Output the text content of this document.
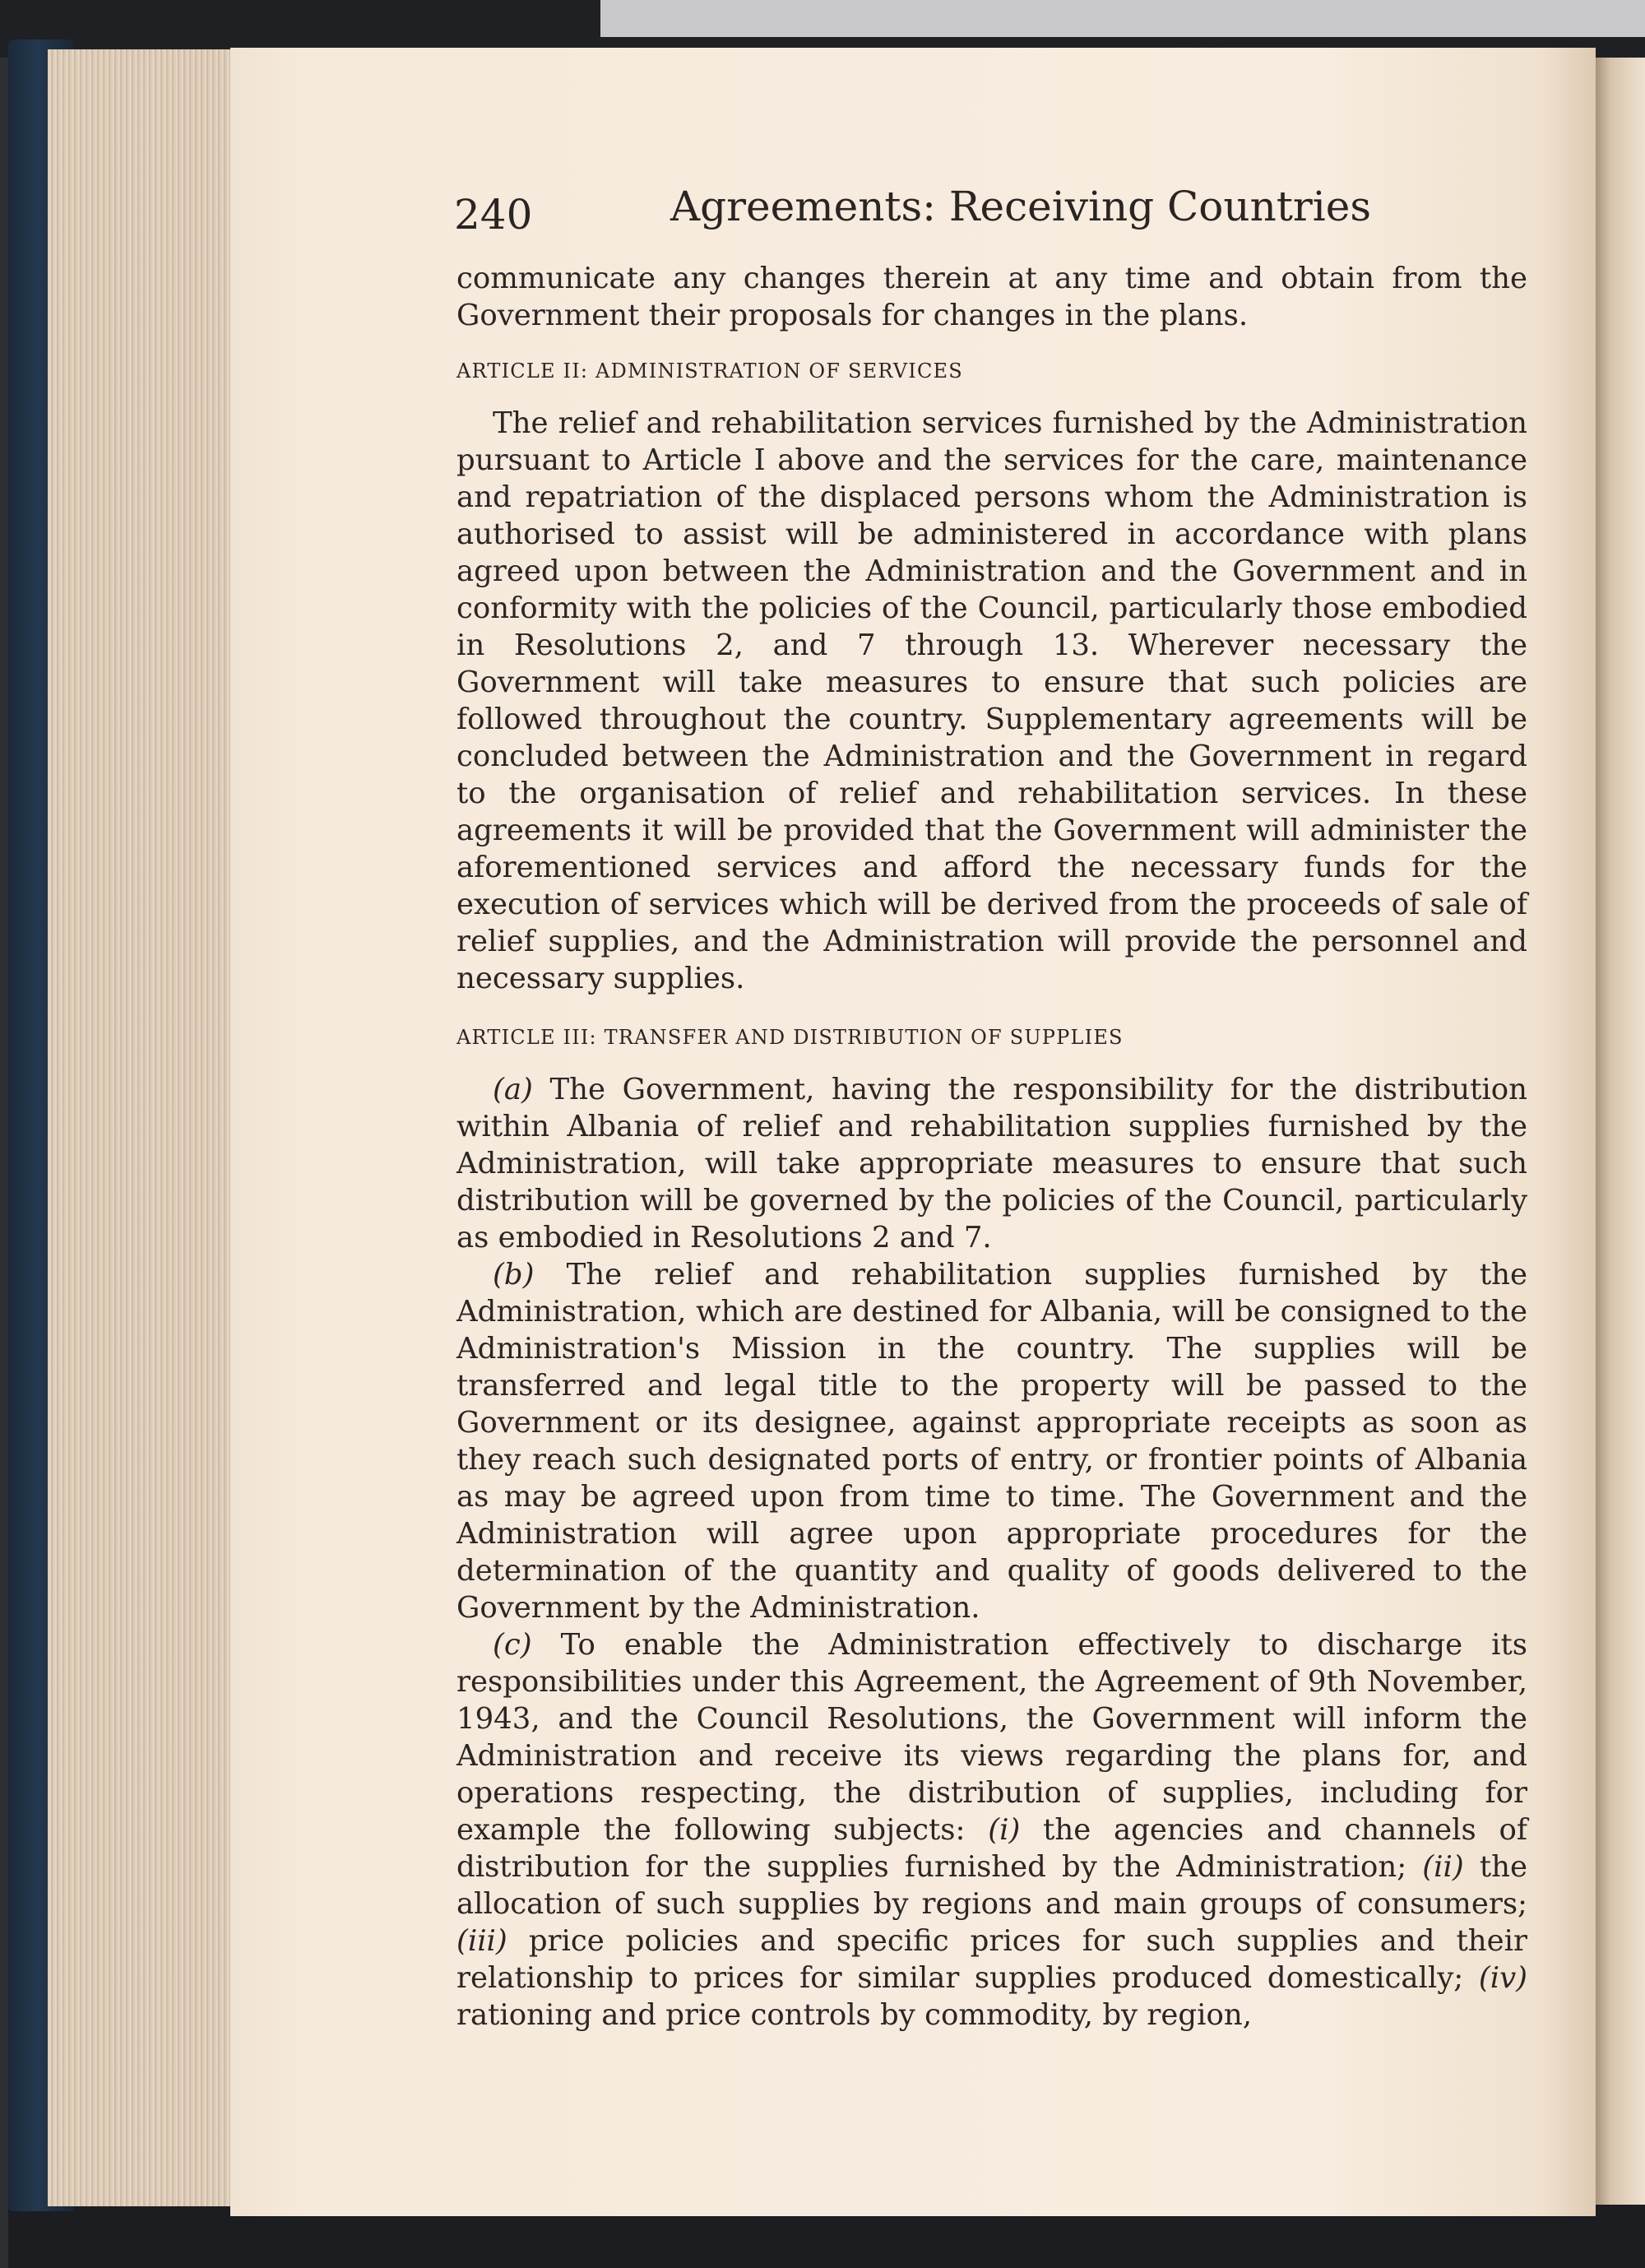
240	Agreements: Receiving Countries

communicate any changes therein at any time and obtain from the Government their proposals for changes in the plans.

ARTICLE II: ADMINISTRATION OF SERVICES

The relief and rehabilitation services furnished by the Administration pursuant to Article I above and the services for the care, maintenance and repatriation of the displaced persons whom the Administration is authorised to assist will be administered in accordance with plans agreed upon between the Administration and the Government and in conformity with the policies of the Council, particularly those embodied in Resolutions 2, and 7 through 13. Wherever necessary the Government will take measures to ensure that such policies are followed throughout the country. Supplementary agreements will be concluded between the Administration and the Government in regard to the organisation of relief and rehabilitation services. In these agreements it will be provided that the Government will administer the aforementioned services and afford the necessary funds for the execution of services which will be derived from the proceeds of sale of relief supplies, and the Administration will provide the personnel and necessary supplies.

ARTICLE III: TRANSFER AND DISTRIBUTION OF SUPPLIES

(a) The Government, having the responsibility for the distribution within Albania of relief and rehabilitation supplies furnished by the Administration, will take appropriate measures to ensure that such distribution will be governed by the policies of the Council, particularly as embodied in Resolutions 2 and 7.

(b) The relief and rehabilitation supplies furnished by the Administration, which are destined for Albania, will be consigned to the Administration's Mission in the country. The supplies will be transferred and legal title to the property will be passed to the Government or its designee, against appropriate receipts as soon as they reach such designated ports of entry, or frontier points of Albania as may be agreed upon from time to time. The Government and the Administration will agree upon appropriate procedures for the determination of the quantity and quality of goods delivered to the Government by the Administration.

(c) To enable the Administration effectively to discharge its responsibilities under this Agreement, the Agreement of 9th November, 1943, and the Council Resolutions, the Government will inform the Administration and receive its views regarding the plans for, and operations respecting, the distribution of supplies, including for example the following subjects: (i) the agencies and channels of distribution for the supplies furnished by the Administration; (ii) the allocation of such supplies by regions and main groups of consumers; (iii) price policies and specific prices for such supplies and their relationship to prices for similar supplies produced domestically; (iv) rationing and price controls by commodity, by region,
